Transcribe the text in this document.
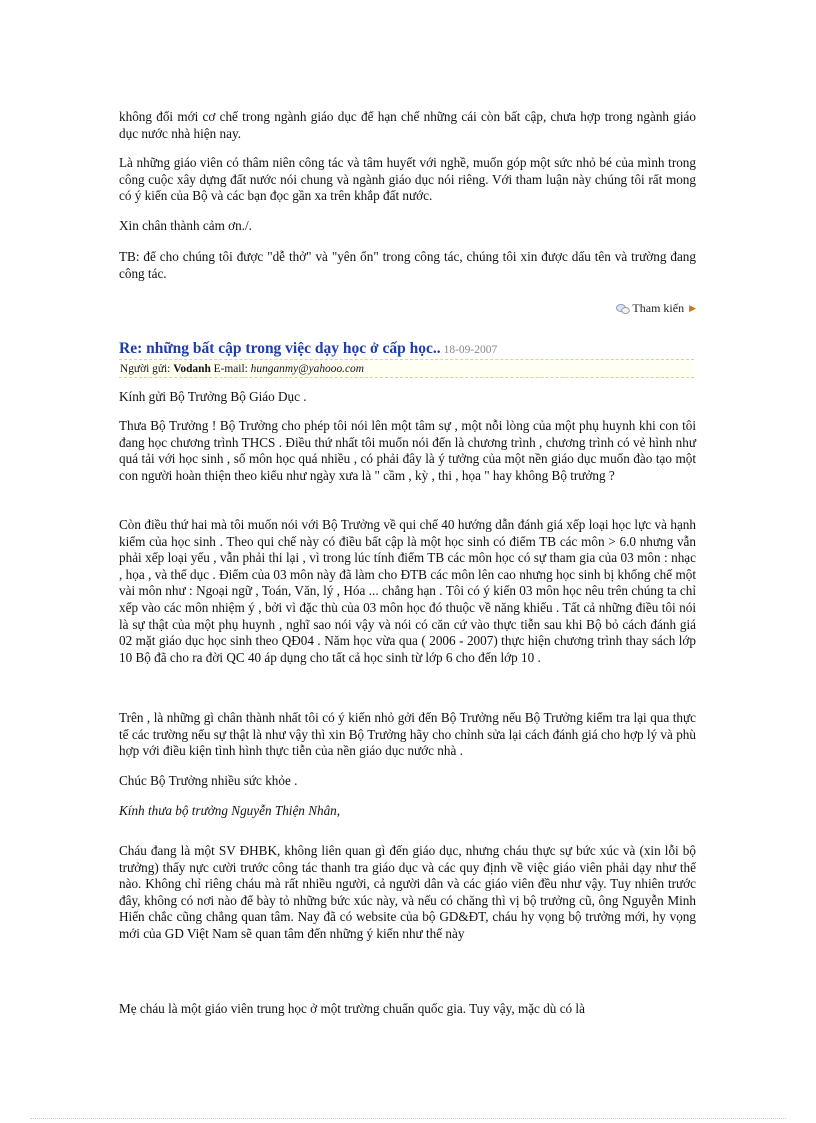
không đổi mới cơ chế trong ngành giáo dục để hạn chế những cái còn bất cập, chưa hợp trong ngành giáo dục nước nhà hiện nay.

Là những giáo viên có thâm niên công tác và tâm huyết với nghề, muốn góp một sức nhỏ bé của mình trong công cuộc xây dựng đất nước nói chung và ngành giáo dục nói riêng. Với tham luận này chúng tôi rất mong có ý kiến của Bộ và các bạn đọc gần xa trên khắp đất nước.

Xin chân thành cảm ơn./.

TB: để cho chúng tôi được "dễ thở" và "yên ổn" trong công tác, chúng tôi xin được dấu tên và trường đang công tác.

Tham kiến ▶
Re: những bất cập trong việc dạy học ở cấp học.. 18-09-2007
Người gửi: Vodanh E-mail: hunganmy@yahooo.com

Kính gửi Bộ Trưởng Bộ Giáo Dục .

Thưa Bộ Trưởng ! Bộ Trưởng cho phép tôi nói lên một tâm sự , một nỗi lòng của một phụ huynh khi con tôi đang học chương trình THCS . Điều thứ nhất tôi muốn nói đến là chương trình , chương trình có vẻ hình như quá tải với học sinh , số môn học quá nhiều , có phải đây là ý tưởng của một nền giáo dục muốn đào tạo một con người hoàn thiện theo kiểu như ngày xưa là " cầm , kỳ , thi , họa " hay không Bộ trưởng ?

Còn điều thứ hai mà tôi muốn nói với Bộ Trưởng về qui chế 40 hướng dẫn đánh giá xếp loại học lực và hạnh kiểm của học sinh . Theo qui chế này có điều bất cập là một học sinh có điểm TB các môn > 6.0 nhưng vẫn phải xếp loại yếu , vẫn phải thi lại , vì trong lúc tính điểm TB các môn học có sự tham gia của 03 môn : nhạc , họa , và thể dục . Điểm của 03 môn này đã làm cho ĐTB các môn lên cao nhưng học sinh bị khống chế một vài môn như : Ngoại ngữ , Toán, Văn, lý , Hóa ... chẳng hạn . Tôi có ý kiến 03 môn học nêu trên chúng ta chỉ xếp vào các môn nhiệm ý , bởi vì đặc thù của 03 môn học đó thuộc về năng khiếu . Tất cả những điều tôi nói là sự thật của một phụ huynh , nghĩ sao nói vậy và nói có căn cứ vào thực tiễn sau khi Bộ bỏ cách đánh giá 02 mặt giáo dục học sinh theo QĐ04 . Năm học vừa qua ( 2006 - 2007) thực hiện chương trình thay sách lớp 10 Bộ đã cho ra đời QC 40 áp dụng cho tất cả học sinh từ lớp 6 cho đến lớp 10 .

Trên , là những gì chân thành nhất tôi có ý kiến nhỏ gởi đến Bộ Trưởng nếu Bộ Trưởng kiểm tra lại qua thực tế các trường nếu sự thật là như vậy thì xin Bộ Trưởng hãy cho chỉnh sửa lại cách đánh giá cho hợp lý và phù hợp với điều kiện tình hình thực tiễn của nền giáo dục nước nhà .

Chúc Bộ Trưởng nhiều sức khỏe .

Kính thưa bộ trưởng Nguyễn Thiện Nhân,

Cháu đang là một SV ĐHBK, không liên quan gì đến giáo dục, nhưng cháu thực sự bức xúc và (xin lỗi bộ trưởng) thấy nực cười trước công tác thanh tra giáo dục và các quy định về việc giáo viên phải dạy như thế nào. Không chỉ riêng cháu mà rất nhiều người, cả người dân và các giáo viên đều như vậy. Tuy nhiên trước đây, không có nơi nào để bày tỏ những bức xúc này, và nếu có chăng thì vị bộ trưởng cũ, ông Nguyễn Minh Hiển chắc cũng chẳng quan tâm. Nay đã có website của bộ GD&ĐT, cháu hy vọng bộ trưởng mới, hy vọng mới của GD Việt Nam sẽ quan tâm đến những ý kiến như thế này

Mẹ cháu là một giáo viên trung học ở một trường chuẩn quốc gia. Tuy vậy, mặc dù có là
